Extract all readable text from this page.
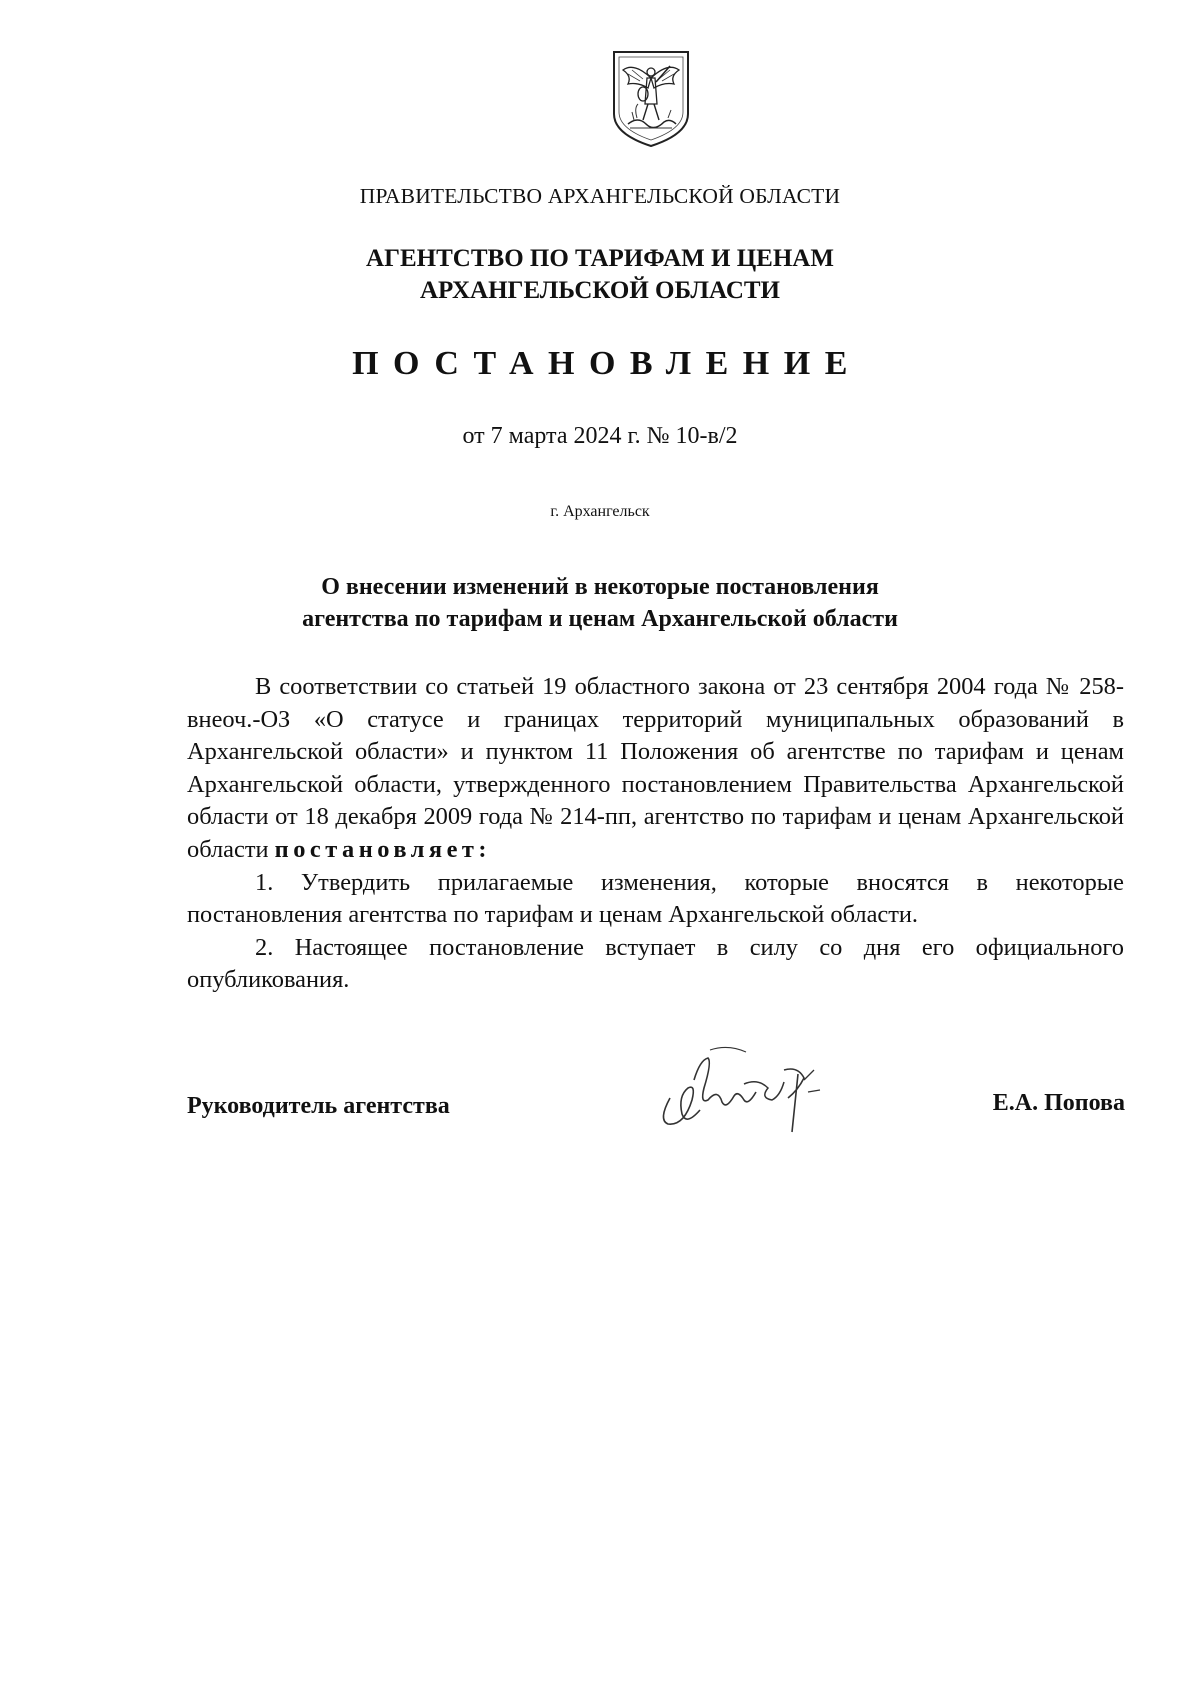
ПРАВИТЕЛЬСТВО АРХАНГЕЛЬСКОЙ ОБЛАСТИ
АГЕНТСТВО ПО ТАРИФАМ И ЦЕНАМ
АРХАНГЕЛЬСКОЙ ОБЛАСТИ
ПОСТАНОВЛЕНИЕ
от 7 марта 2024 г. № 10-в/2
г. Архангельск
О внесении изменений в некоторые постановления
агентства по тарифам и ценам Архангельской области

В соответствии со статьей 19 областного закона от 23 сентября 2004 года № 258-внеоч.-ОЗ «О статусе и границах территорий муниципальных образований в Архангельской области» и пунктом 11 Положения об агентстве по тарифам и ценам Архангельской области, утвержденного постановлением Правительства Архангельской области от 18 декабря 2009 года № 214-пп, агентство по тарифам и ценам Архангельской области постановляет:

1. Утвердить прилагаемые изменения, которые вносятся в некоторые постановления агентства по тарифам и ценам Архангельской области.

2. Настоящее постановление вступает в силу со дня его официального опубликования.

Руководитель агентства	Е.А. Попова
